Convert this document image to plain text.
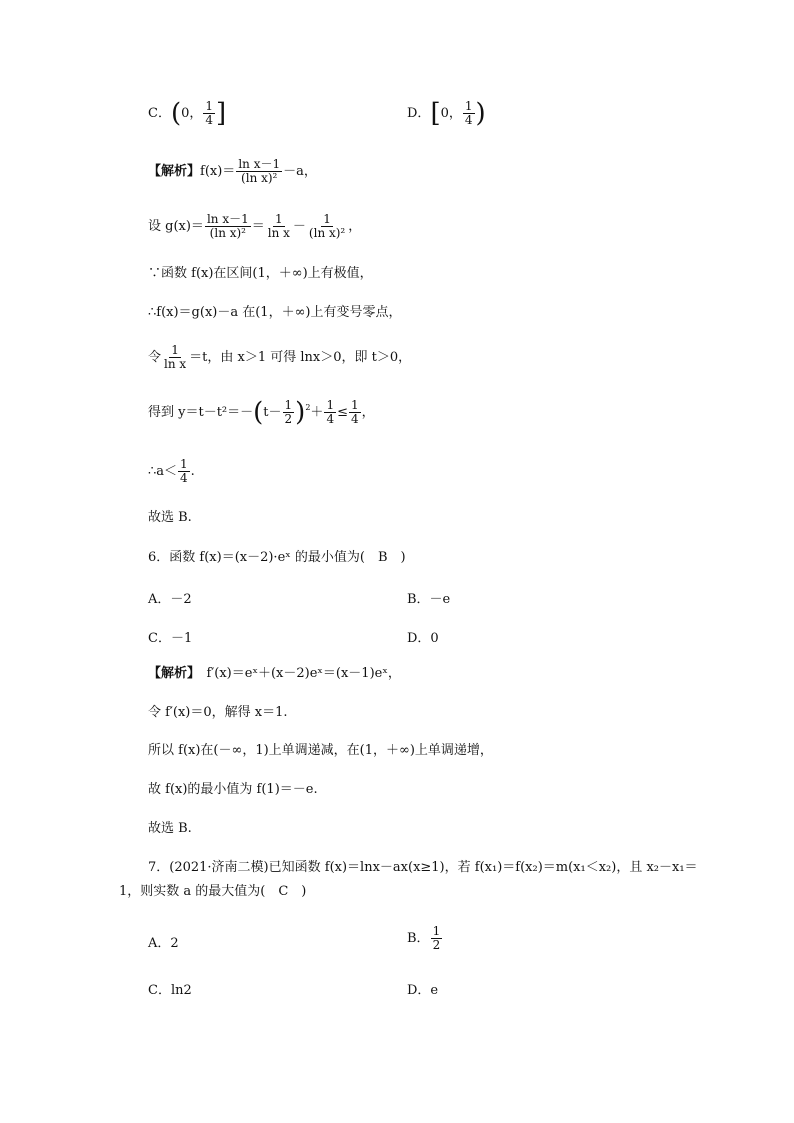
C．(0， $\frac{1}{4}$ ]	D．[0， $\frac{1}{4}$ )
【解析】$f(x)= \frac{\text{ln x－1}}{\text{(ln x)²}} -a$，
设 $g(x)= \frac{\text{ln x－1}}{\text{(ln x)²}} = \frac{1}{\text{ln x}} - \frac{1}{\text{(ln x)²}}$ ，
∵函数 f(x)在区间(1，＋∞)上有极值，
∴f(x)＝g(x)－a 在(1，＋∞)上有变号零点，
令 $\frac{1}{\text{ln x}} =t$，由 x＞1 可得 lnx＞0，即 t＞0，
得到 $y=t-t^2=-(t- \frac{1}{2} )^2+ \frac{1}{4} \le \frac{1}{4}$ ，
∴a＜ $\frac{1}{4}$ .
故选 B.
6．函数 f(x)＝(x－2)·eˣ 的最小值为(　B　)
A．－2	B．－e
C．－1	D．0
【解析】　f′(x)＝eˣ＋(x－2)eˣ＝(x－1)eˣ，
令 f′(x)＝0，解得 x＝1.
所以 f(x)在(－∞，1)上单调递减，在(1，＋∞)上单调递增，
故 f(x)的最小值为 f(1)＝－e.
故选 B.
7．(2021·济南二模)已知函数 f(x)＝lnx－ax(x≥1)，若 f(x₁)＝f(x₂)＝m(x₁＜x₂)，且 x₂－x₁＝
1，则实数 a 的最大值为(　C　)
A．2	B． $\frac{1}{2}$
C．ln2	D．e
